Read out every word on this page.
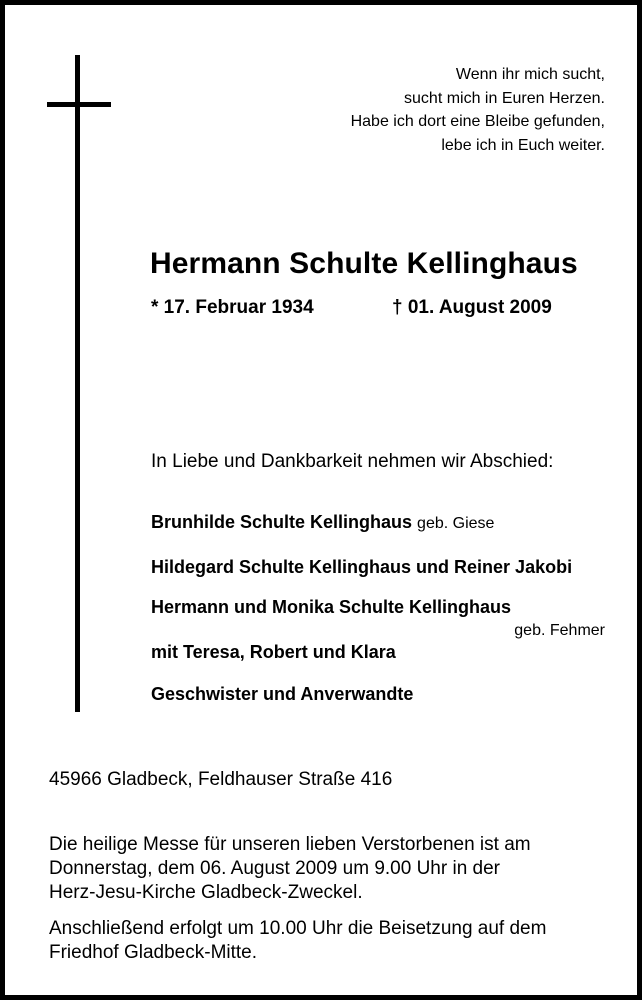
Wenn ihr mich sucht,
sucht mich in Euren Herzen.
Habe ich dort eine Bleibe gefunden,
lebe ich in Euch weiter.
Hermann Schulte Kellinghaus
* 17. Februar 1934	† 01. August 2009
In Liebe und Dankbarkeit nehmen wir Abschied:
Brunhilde Schulte Kellinghaus geb. Giese
Hildegard Schulte Kellinghaus und Reiner Jakobi
Hermann und Monika Schulte Kellinghaus
geb. Fehmer
mit Teresa, Robert und Klara
Geschwister und Anverwandte
45966 Gladbeck, Feldhauser Straße 416
Die heilige Messe für unseren lieben Verstorbenen ist am
Donnerstag, dem 06. August 2009 um 9.00 Uhr in der
Herz-Jesu-Kirche Gladbeck-Zweckel.
Anschließend erfolgt um 10.00 Uhr die Beisetzung auf dem
Friedhof Gladbeck-Mitte.
